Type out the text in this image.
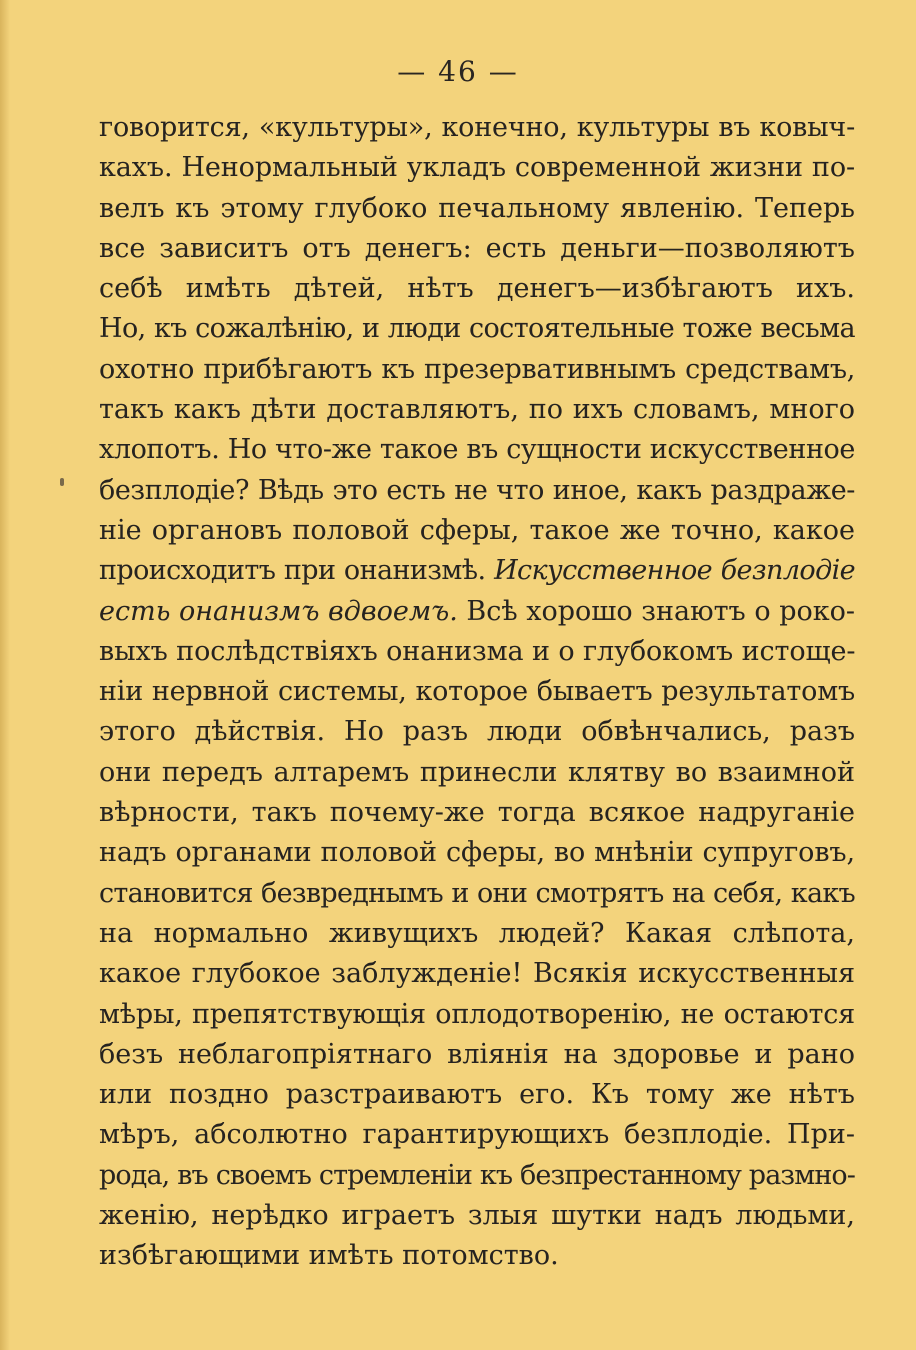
— 46 —
говорится, «культуры», конечно, культуры въ ковыч-
кахъ. Ненормальный укладъ современной жизни по-
велъ къ этому глубоко печальному явленію. Теперь
все зависитъ отъ денегъ: есть деньги—позволяютъ
себѣ имѣть дѣтей, нѣтъ денегъ—избѣгаютъ ихъ.
Но, къ сожалѣнію, и люди состоятельные тоже весьма
охотно прибѣгаютъ къ презервативнымъ средствамъ,
такъ какъ дѣти доставляютъ, по ихъ словамъ, много
хлопотъ. Но что-же такое въ сущности искусственное
безплодіе? Вѣдь это есть не что иное, какъ раздраже-
ніе органовъ половой сферы, такое же точно, какое
происходитъ при онанизмѣ. Искусственное безплодіе
есть онанизмъ вдвоемъ. Всѣ хорошо знаютъ о роко-
выхъ послѣдствіяхъ онанизма и о глубокомъ истоще-
ніи нервной системы, которое бываетъ результатомъ
этого дѣйствія. Но разъ люди обвѣнчались, разъ
они передъ алтаремъ принесли клятву во взаимной
вѣрности, такъ почему-же тогда всякое надруганіе
надъ органами половой сферы, во мнѣніи супруговъ,
становится безвреднымъ и они смотрятъ на себя, какъ
на нормально живущихъ людей? Какая слѣпота,
какое глубокое заблужденіе! Всякія искусственныя
мѣры, препятствующія оплодотворенію, не остаются
безъ неблагопріятнаго вліянія на здоровье и рано
или поздно разстраиваютъ его. Къ тому же нѣтъ
мѣръ, абсолютно гарантирующихъ безплодіе. При-
рода, въ своемъ стремленіи къ безпрестанному размно-
женію, нерѣдко играетъ злыя шутки надъ людьми,
избѣгающими имѣть потомство.
